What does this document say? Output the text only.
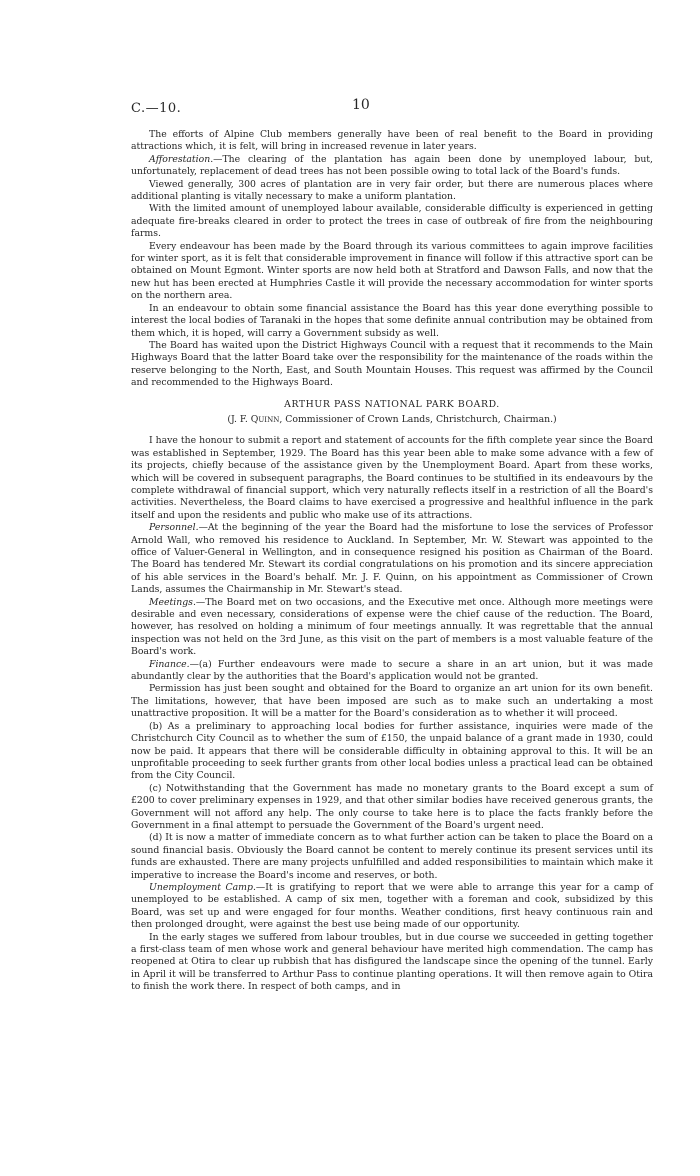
C.—10.	10

The efforts of Alpine Club members generally have been of real benefit to the Board in providing attractions which, it is felt, will bring in increased revenue in later years.

Afforestation.—The clearing of the plantation has again been done by unemployed labour, but, unfortunately, replacement of dead trees has not been possible owing to total lack of the Board's funds.

Viewed generally, 300 acres of plantation are in very fair order, but there are numerous places where additional planting is vitally necessary to make a uniform plantation.

With the limited amount of unemployed labour available, considerable difficulty is experienced in getting adequate fire-breaks cleared in order to protect the trees in case of outbreak of fire from the neighbouring farms.

Every endeavour has been made by the Board through its various committees to again improve facilities for winter sport, as it is felt that considerable improvement in finance will follow if this attractive sport can be obtained on Mount Egmont. Winter sports are now held both at Stratford and Dawson Falls, and now that the new hut has been erected at Humphries Castle it will provide the necessary accommodation for winter sports on the northern area.

In an endeavour to obtain some financial assistance the Board has this year done everything possible to interest the local bodies of Taranaki in the hopes that some definite annual contribution may be obtained from them which, it is hoped, will carry a Government subsidy as well.

The Board has waited upon the District Highways Council with a request that it recommends to the Main Highways Board that the latter Board take over the responsibility for the maintenance of the roads within the reserve belonging to the North, East, and South Mountain Houses. This request was affirmed by the Council and recommended to the Highways Board.

ARTHUR PASS NATIONAL PARK BOARD.
(J. F. Quinn, Commissioner of Crown Lands, Christchurch, Chairman.)

I have the honour to submit a report and statement of accounts for the fifth complete year since the Board was established in September, 1929. The Board has this year been able to make some advance with a few of its projects, chiefly because of the assistance given by the Unemployment Board. Apart from these works, which will be covered in subsequent paragraphs, the Board continues to be stultified in its endeavours by the complete withdrawal of financial support, which very naturally reflects itself in a restriction of all the Board's activities. Nevertheless, the Board claims to have exercised a progressive and healthful influence in the park itself and upon the residents and public who make use of its attractions.

Personnel.—At the beginning of the year the Board had the misfortune to lose the services of Professor Arnold Wall, who removed his residence to Auckland. In September, Mr. W. Stewart was appointed to the office of Valuer-General in Wellington, and in consequence resigned his position as Chairman of the Board. The Board has tendered Mr. Stewart its cordial congratulations on his promotion and its sincere appreciation of his able services in the Board's behalf. Mr. J. F. Quinn, on his appointment as Commissioner of Crown Lands, assumes the Chairmanship in Mr. Stewart's stead.

Meetings.—The Board met on two occasions, and the Executive met once. Although more meetings were desirable and even necessary, considerations of expense were the chief cause of the reduction. The Board, however, has resolved on holding a minimum of four meetings annually. It was regrettable that the annual inspection was not held on the 3rd June, as this visit on the part of members is a most valuable feature of the Board's work.

Finance.—(a) Further endeavours were made to secure a share in an art union, but it was made abundantly clear by the authorities that the Board's application would not be granted.

Permission has just been sought and obtained for the Board to organize an art union for its own benefit. The limitations, however, that have been imposed are such as to make such an undertaking a most unattractive proposition. It will be a matter for the Board's consideration as to whether it will proceed.

(b) As a preliminary to approaching local bodies for further assistance, inquiries were made of the Christchurch City Council as to whether the sum of £150, the unpaid balance of a grant made in 1930, could now be paid. It appears that there will be considerable difficulty in obtaining approval to this. It will be an unprofitable proceeding to seek further grants from other local bodies unless a practical lead can be obtained from the City Council.

(c) Notwithstanding that the Government has made no monetary grants to the Board except a sum of £200 to cover preliminary expenses in 1929, and that other similar bodies have received generous grants, the Government will not afford any help. The only course to take here is to place the facts frankly before the Government in a final attempt to persuade the Government of the Board's urgent need.

(d) It is now a matter of immediate concern as to what further action can be taken to place the Board on a sound financial basis. Obviously the Board cannot be content to merely continue its present services until its funds are exhausted. There are many projects unfulfilled and added responsibilities to maintain which make it imperative to increase the Board's income and reserves, or both.

Unemployment Camp.—It is gratifying to report that we were able to arrange this year for a camp of unemployed to be established. A camp of six men, together with a foreman and cook, subsidized by this Board, was set up and were engaged for four months. Weather conditions, first heavy continuous rain and then prolonged drought, were against the best use being made of our opportunity.

In the early stages we suffered from labour troubles, but in due course we succeeded in getting together a first-class team of men whose work and general behaviour have merited high commendation. The camp has reopened at Otira to clear up rubbish that has disfigured the landscape since the opening of the tunnel. Early in April it will be transferred to Arthur Pass to continue planting operations. It will then remove again to Otira to finish the work there. In respect of both camps, and in
